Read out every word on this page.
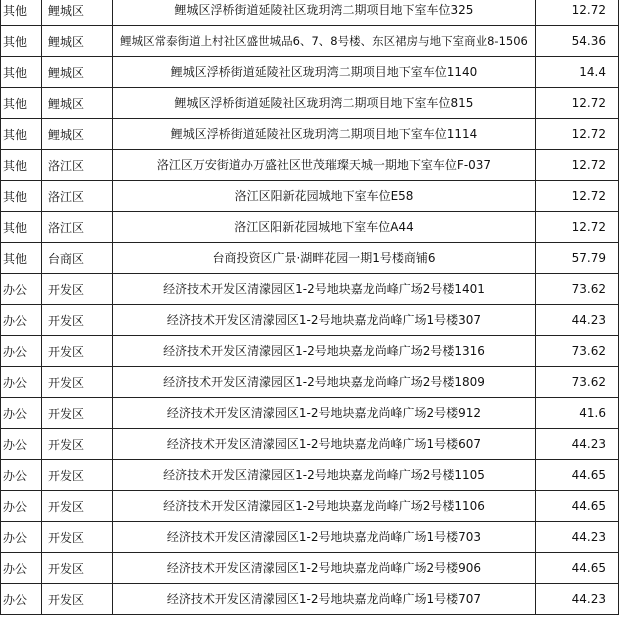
其他	鲤城区	鲤城区浮桥街道延陵社区珑玥湾二期项目地下室车位325	12.72
其他	鲤城区	鲤城区常泰街道上村社区盛世城品6、7、8号楼、东区裙房与地下室商业8-1506	54.36
其他	鲤城区	鲤城区浮桥街道延陵社区珑玥湾二期项目地下室车位1140	14.4
其他	鲤城区	鲤城区浮桥街道延陵社区珑玥湾二期项目地下室车位815	12.72
其他	鲤城区	鲤城区浮桥街道延陵社区珑玥湾二期项目地下室车位1114	12.72
其他	洛江区	洛江区万安街道办万盛社区世茂璀璨天城一期地下室车位F-037	12.72
其他	洛江区	洛江区阳新花园城地下室车位E58	12.72
其他	洛江区	洛江区阳新花园城地下室车位A44	12.72
其他	台商区	台商投资区广景·湖畔花园一期1号楼商铺6	57.79
办公	开发区	经济技术开发区清濛园区1-2号地块嘉龙尚峰广场2号楼1401	73.62
办公	开发区	经济技术开发区清濛园区1-2号地块嘉龙尚峰广场1号楼307	44.23
办公	开发区	经济技术开发区清濛园区1-2号地块嘉龙尚峰广场2号楼1316	73.62
办公	开发区	经济技术开发区清濛园区1-2号地块嘉龙尚峰广场2号楼1809	73.62
办公	开发区	经济技术开发区清濛园区1-2号地块嘉龙尚峰广场2号楼912	41.6
办公	开发区	经济技术开发区清濛园区1-2号地块嘉龙尚峰广场1号楼607	44.23
办公	开发区	经济技术开发区清濛园区1-2号地块嘉龙尚峰广场2号楼1105	44.65
办公	开发区	经济技术开发区清濛园区1-2号地块嘉龙尚峰广场2号楼1106	44.65
办公	开发区	经济技术开发区清濛园区1-2号地块嘉龙尚峰广场1号楼703	44.23
办公	开发区	经济技术开发区清濛园区1-2号地块嘉龙尚峰广场2号楼906	44.65
办公	开发区	经济技术开发区清濛园区1-2号地块嘉龙尚峰广场1号楼707	44.23
